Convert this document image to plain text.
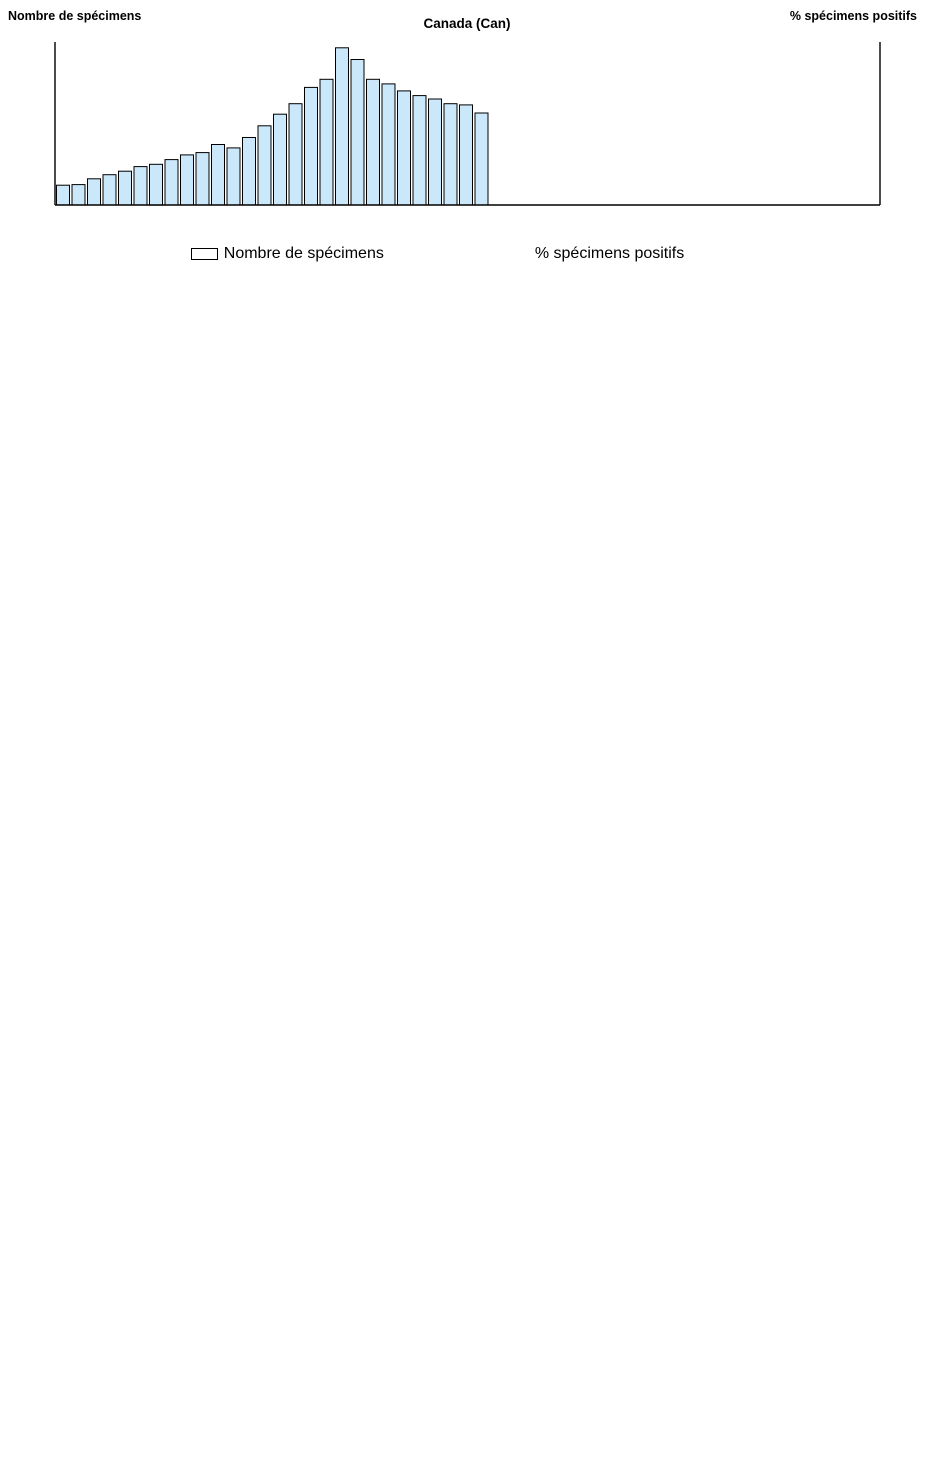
Nombre de spécimens	% spécimens positifs
Canada (Can)
Nombre de spécimens	% spécimens positifs
